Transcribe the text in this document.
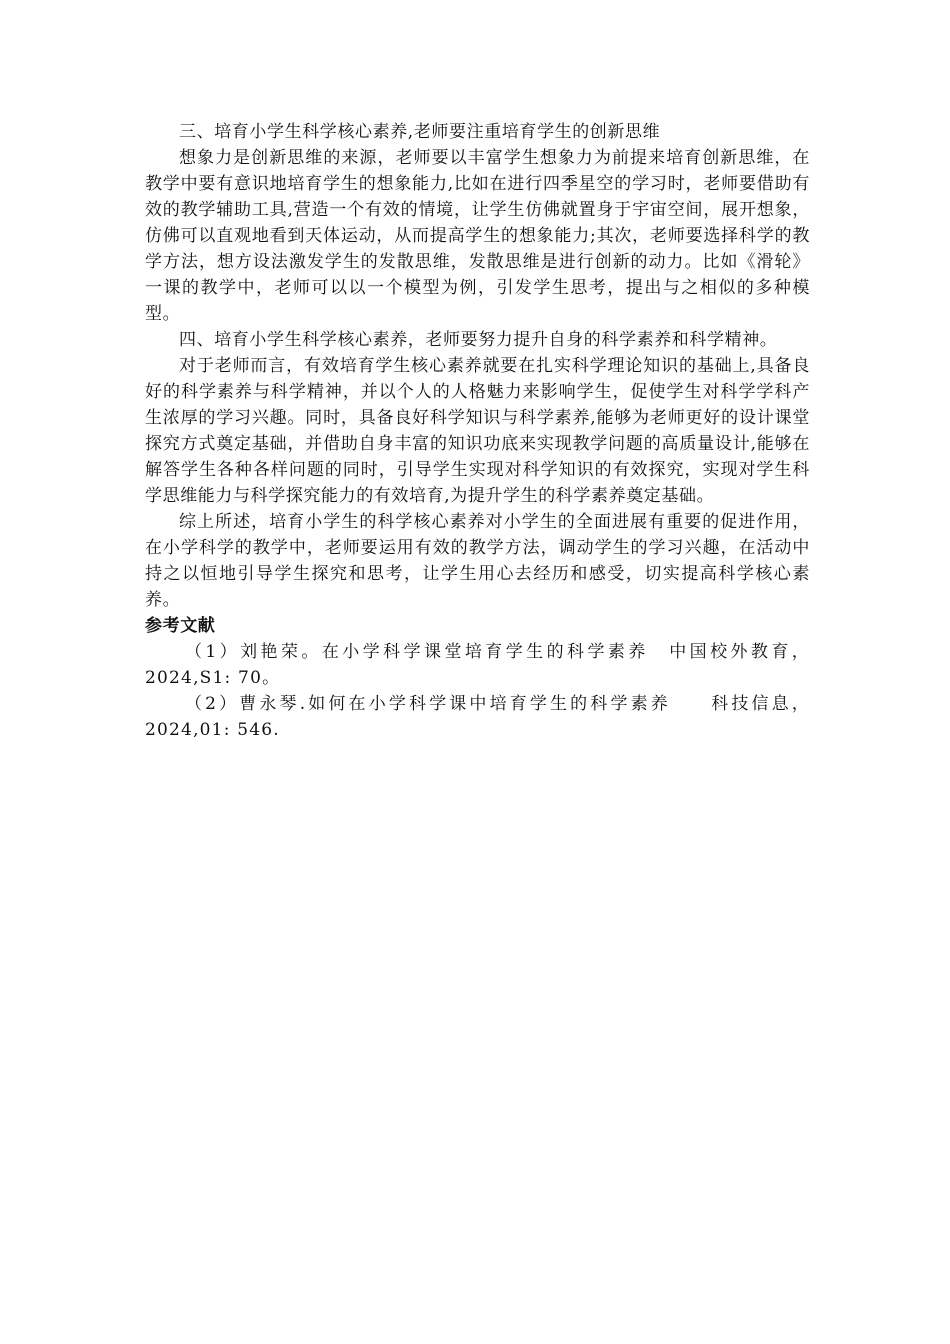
三、培育小学生科学核心素养,老师要注重培育学生的创新思维

想象力是创新思维的来源，老师要以丰富学生想象力为前提来培育创新思维，在教学中要有意识地培育学生的想象能力,比如在进行四季星空的学习时，老师要借助有效的教学辅助工具,营造一个有效的情境，让学生仿佛就置身于宇宙空间，展开想象，仿佛可以直观地看到天体运动，从而提高学生的想象能力;其次，老师要选择科学的教学方法，想方设法激发学生的发散思维，发散思维是进行创新的动力。比如《滑轮》一课的教学中，老师可以以一个模型为例，引发学生思考，提出与之相似的多种模型。

四、培育小学生科学核心素养，老师要努力提升自身的科学素养和科学精神。

对于老师而言，有效培育学生核心素养就要在扎实科学理论知识的基础上,具备良好的科学素养与科学精神，并以个人的人格魅力来影响学生，促使学生对科学学科产生浓厚的学习兴趣。同时，具备良好科学知识与科学素养,能够为老师更好的设计课堂探究方式奠定基础，并借助自身丰富的知识功底来实现教学问题的高质量设计,能够在解答学生各种各样问题的同时，引导学生实现对科学知识的有效探究，实现对学生科学思维能力与科学探究能力的有效培育,为提升学生的科学素养奠定基础。

综上所述，培育小学生的科学核心素养对小学生的全面进展有重要的促进作用，在小学科学的教学中，老师要运用有效的教学方法，调动学生的学习兴趣，在活动中持之以恒地引导学生探究和思考，让学生用心去经历和感受，切实提高科学核心素养。

参考文献

（1）刘艳荣。在小学科学课堂培育学生的科学素养　中国校外教育，2024,S1: 70。

（2）曹永琴.如何在小学科学课中培育学生的科学素养　　科技信息，2024,01: 546.
